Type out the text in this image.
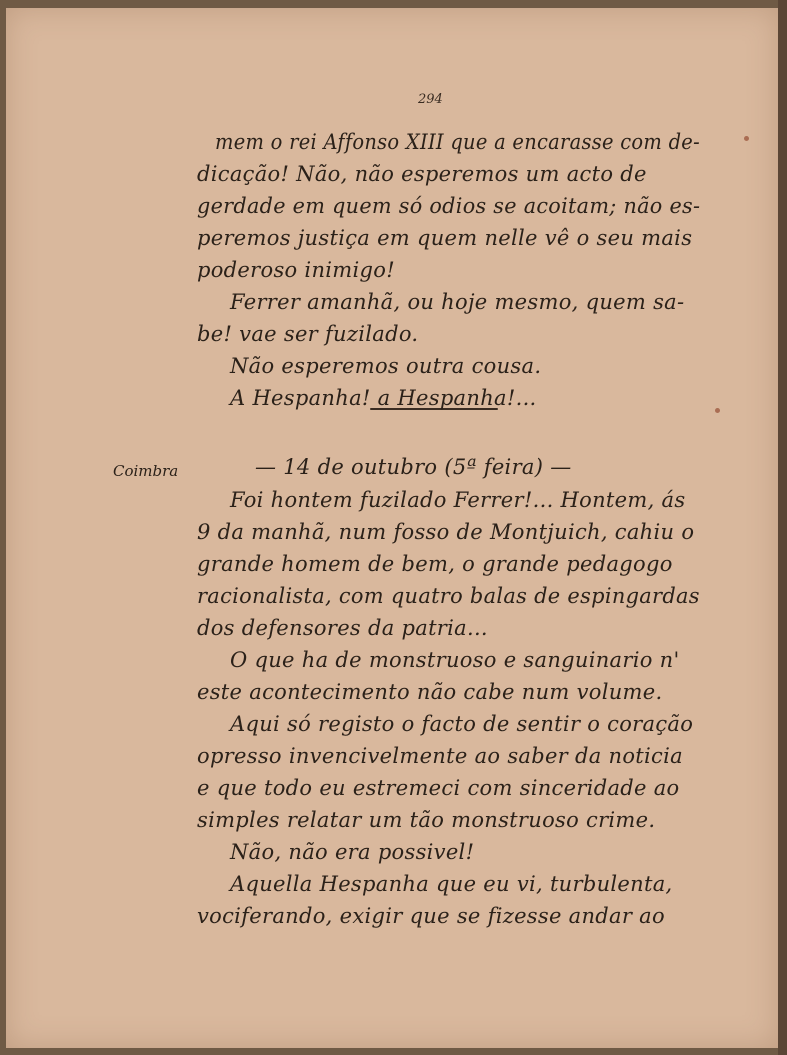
294
Coimbra
mem o rei Affonso XIII que a encarasse com de-
dicação! Não, não esperemos um acto de
gerdade em quem só odios se acoitam; não es-
peremos justiça em quem nelle vê o seu mais
poderoso inimigo!
Ferrer amanhã, ou hoje mesmo, quem sa-
be! vae ser fuzilado.
Não esperemos outra cousa.
A Hespanha! a Hespanha!...
— 14 de outubro (5ª feira) —
Foi hontem fuzilado Ferrer!... Hontem, ás
9 da manhã, num fosso de Montjuich, cahiu o
grande homem de bem, o grande pedagogo
racionalista, com quatro balas de espingardas
dos defensores da patria...
O que ha de monstruoso e sanguinario n'
este acontecimento não cabe num volume.
Aqui só registo o facto de sentir o coração
opresso invencivelmente ao saber da noticia
e que todo eu estremeci com sinceridade ao
simples relatar um tão monstruoso crime.
Não, não era possivel!
Aquella Hespanha que eu vi, turbulenta,
vociferando, exigir que se fizesse andar ao
